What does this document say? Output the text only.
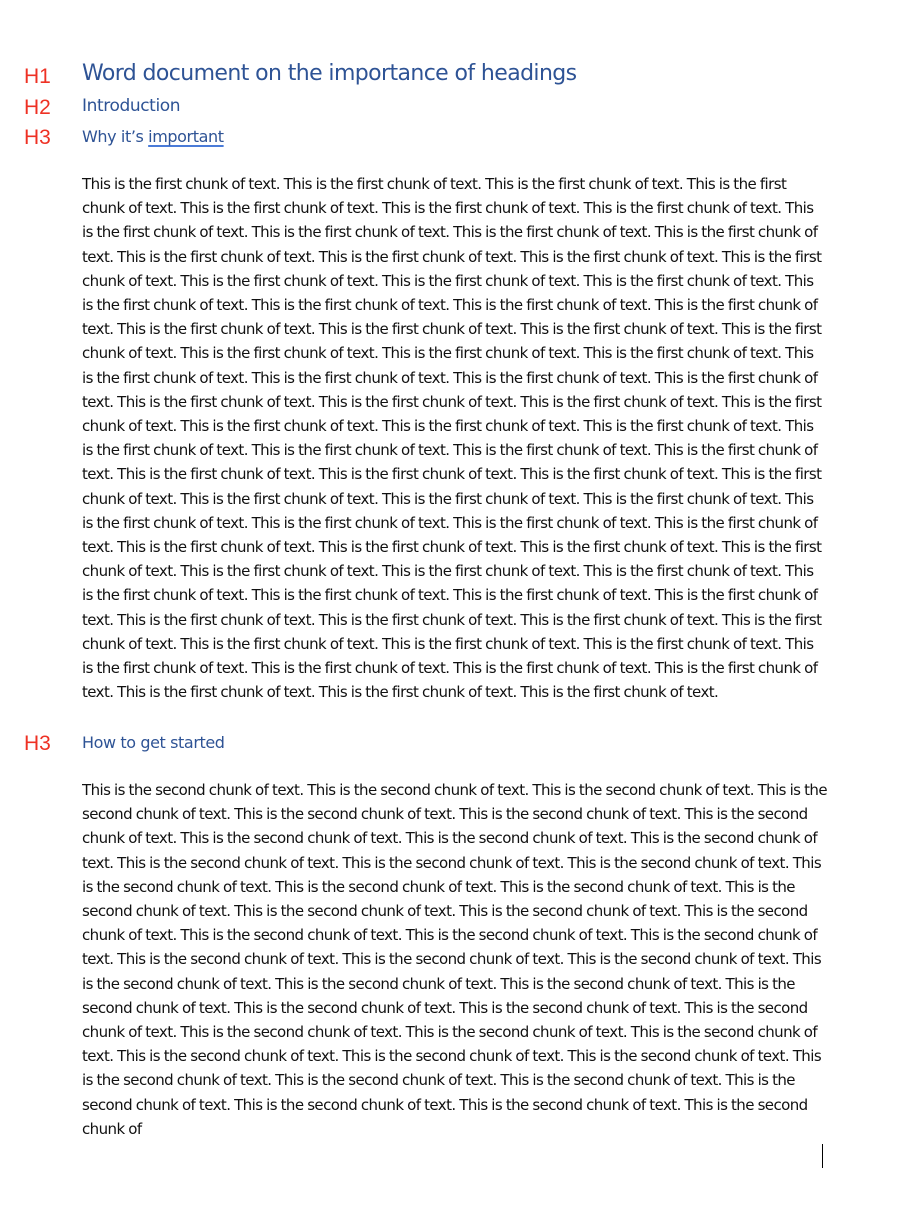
H1 Word document on the importance of headings
H2 Introduction
H3 Why it’s important

This is the first chunk of text. This is the first chunk of text. This is the first chunk of text. This is the first chunk of text. This is the first chunk of text. This is the first chunk of text. This is the first chunk of text. This is the first chunk of text. This is the first chunk of text. This is the first chunk of text. This is the first chunk of text. This is the first chunk of text. This is the first chunk of text. This is the first chunk of text. This is the first chunk of text. This is the first chunk of text. This is the first chunk of text. This is the first chunk of text. This is the first chunk of text. This is the first chunk of text. This is the first chunk of text. This is the first chunk of text. This is the first chunk of text. This is the first chunk of text. This is the first chunk of text. This is the first chunk of text. This is the first chunk of text. This is the first chunk of text. This is the first chunk of text. This is the first chunk of text. This is the first chunk of text. This is the first chunk of text. This is the first chunk of text. This is the first chunk of text. This is the first chunk of text. This is the first chunk of text. This is the first chunk of text. This is the first chunk of text. This is the first chunk of text. This is the first chunk of text. This is the first chunk of text. This is the first chunk of text. This is the first chunk of text. This is the first chunk of text. This is the first chunk of text. This is the first chunk of text. This is the first chunk of text. This is the first chunk of text. This is the first chunk of text. This is the first chunk of text. This is the first chunk of text. This is the first chunk of text. This is the first chunk of text. This is the first chunk of text. This is the first chunk of text. This is the first chunk of text. This is the first chunk of text. This is the first chunk of text. This is the first chunk of text. This is the first chunk of text. This is the first chunk of text. This is the first chunk of text. This is the first chunk of text. This is the first chunk of text. This is the first chunk of text. This is the first chunk of text. This is the first chunk of text. This is the first chunk of text. This is the first chunk of text. This is the first chunk of text. This is the first chunk of text. This is the first chunk of text. This is the first chunk of text. This is the first chunk of text. This is the first chunk of text. This is the first chunk of text. This is the first chunk of text. This is the first chunk of text. This is the first chunk of text. This is the first chunk of text.

H3 How to get started

This is the second chunk of text. This is the second chunk of text. This is the second chunk of text. This is the second chunk of text. This is the second chunk of text. This is the second chunk of text. This is the second chunk of text. This is the second chunk of text. This is the second chunk of text. This is the second chunk of text. This is the second chunk of text. This is the second chunk of text. This is the second chunk of text. This is the second chunk of text. This is the second chunk of text. This is the second chunk of text. This is the second chunk of text. This is the second chunk of text. This is the second chunk of text. This is the second chunk of text. This is the second chunk of text. This is the second chunk of text. This is the second chunk of text. This is the second chunk of text. This is the second chunk of text. This is the second chunk of text. This is the second chunk of text. This is the second chunk of text. This is the second chunk of text. This is the second chunk of text. This is the second chunk of text. This is the second chunk of text. This is the second chunk of text. This is the second chunk of text. This is the second chunk of text. This is the second chunk of text. This is the second chunk of text. This is the second chunk of text. This is the second chunk of text. This is the second chunk of text. This is the second chunk of text. This is the second chunk of text. This is the second chunk of text. This is the second chunk of text. This is the second chunk of text. This is the second chunk of
